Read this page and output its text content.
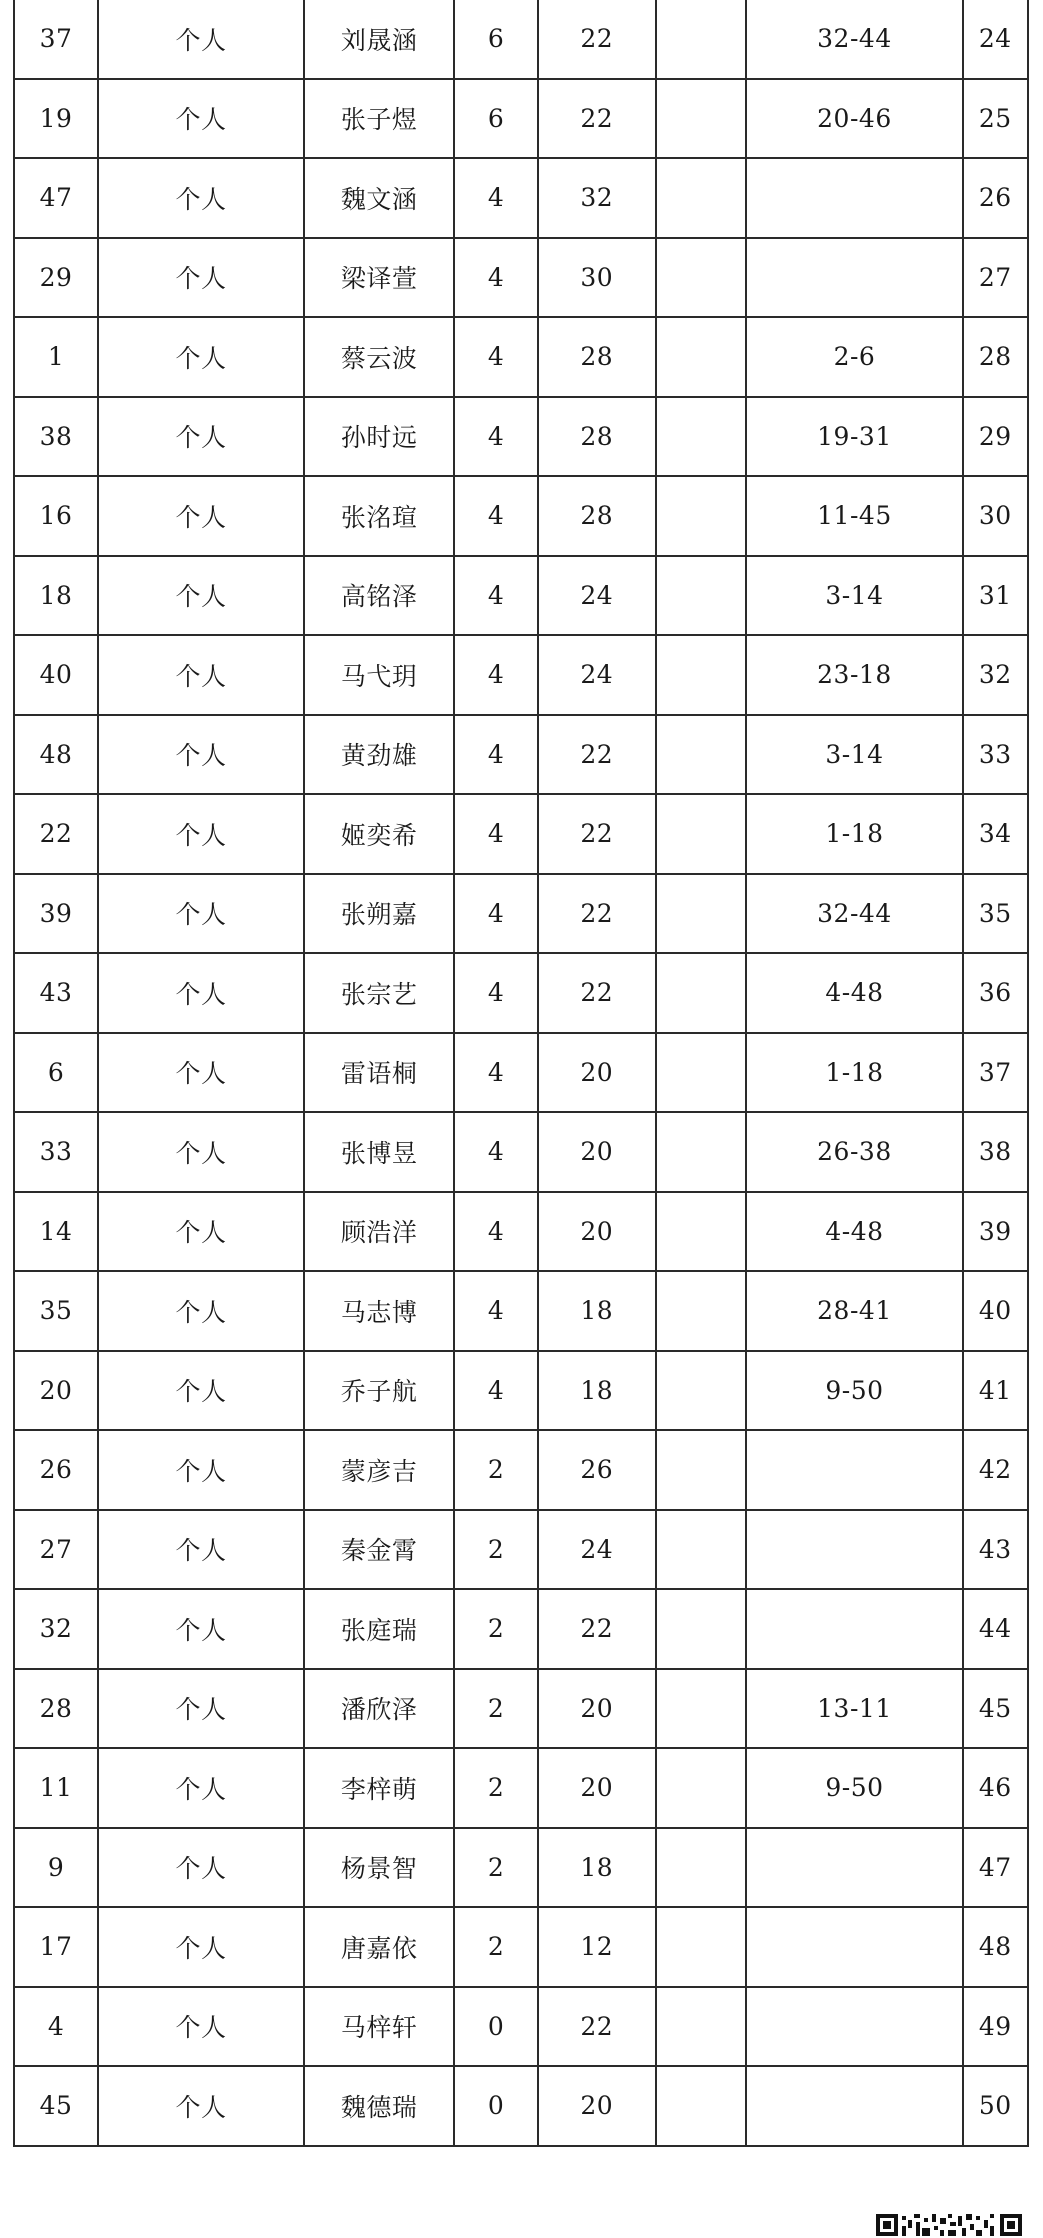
37	个人	刘晟涵	6	22		32-44	24
19	个人	张子煜	6	22		20-46	25
47	个人	魏文涵	4	32			26
29	个人	梁译萱	4	30			27
1	个人	蔡云波	4	28		2-6	28
38	个人	孙时远	4	28		19-31	29
16	个人	张洺瑄	4	28		11-45	30
18	个人	高铭泽	4	24		3-14	31
40	个人	马弋玥	4	24		23-18	32
48	个人	黄劲雄	4	22		3-14	33
22	个人	姬奕希	4	22		1-18	34
39	个人	张朔嘉	4	22		32-44	35
43	个人	张宗艺	4	22		4-48	36
6	个人	雷语桐	4	20		1-18	37
33	个人	张博昱	4	20		26-38	38
14	个人	顾浩洋	4	20		4-48	39
35	个人	马志博	4	18		28-41	40
20	个人	乔子航	4	18		9-50	41
26	个人	蒙彦吉	2	26			42
27	个人	秦金霄	2	24			43
32	个人	张庭瑞	2	22			44
28	个人	潘欣泽	2	20		13-11	45
11	个人	李梓萌	2	20		9-50	46
9	个人	杨景智	2	18			47
17	个人	唐嘉依	2	12			48
4	个人	马梓轩	0	22			49
45	个人	魏德瑞	0	20			50
